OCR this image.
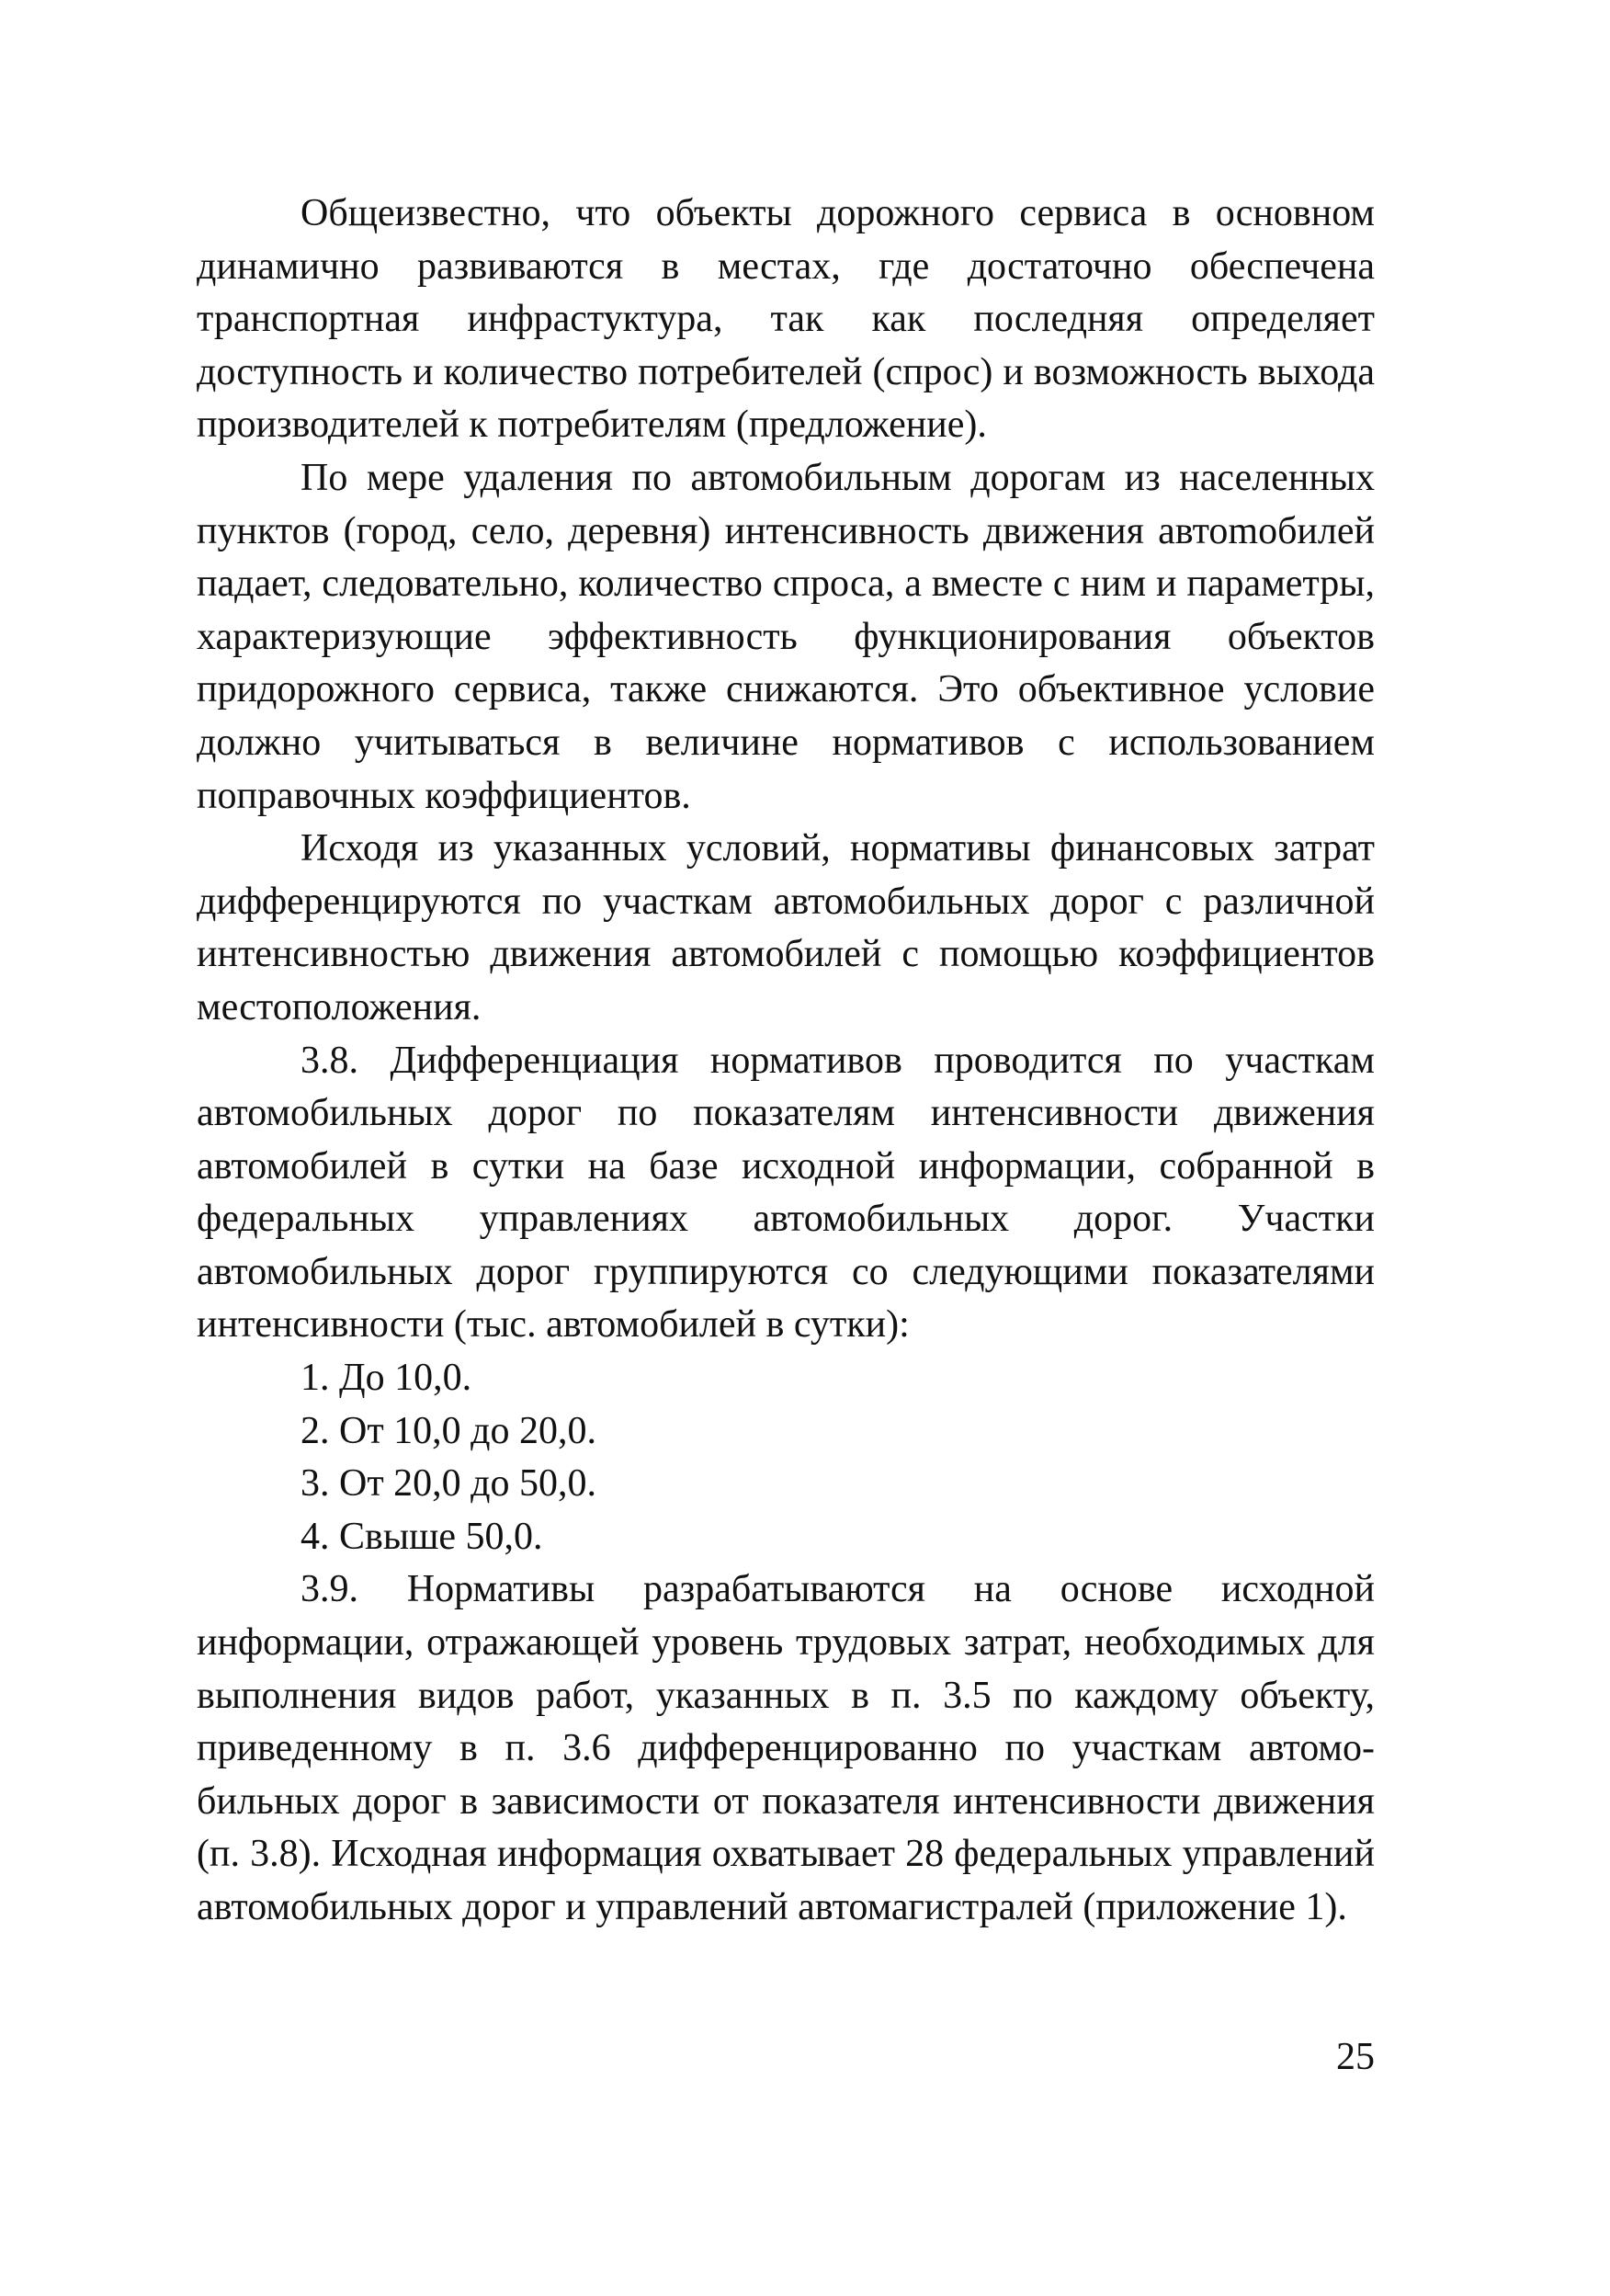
Общеизвестно, что объекты дорожного сервиса в основном динамично развиваются в местах, где достаточно обеспечена транспортная инфрастуктура, так как последняя определяет доступность и количество потребителей (спрос) и возможность выхода производителей к потребителям (предложение).

По мере удаления по автомобильным дорогам из населенных пунктов (город, село, деревня) интенсивность движения автоmобилей падает, следовательно, количество спроса, а вместе с ним и параметры, характеризующие эффективность функционирования объектов придорожного сервиса, также снижаются. Это объективное условие должно учитываться в величине нормативов с использованием поправочных коэффициентов.

Исходя из указанных условий, нормативы финансовых затрат дифференцируются по участкам автомобильных дорог с различной интенсивностью движения автомобилей с помощью коэффициентов местоположения.

3.8. Дифференциация нормативов проводится по участкам автомобильных дорог по показателям интенсивности движения автомобилей в сутки на базе исходной информации, собранной в федеральных управлениях автомобильных дорог. Участки автомобильных дорог группируются со следующими показателями интенсивности (тыс. автомобилей в сутки):

1. До 10,0.

2. От 10,0 до 20,0.

3. От 20,0 до 50,0.

4. Свыше 50,0.

3.9. Нормативы разрабатываются на основе исходной информации, отражающей уровень трудовых затрат, необходимых для выполнения видов работ, указанных в п. 3.5 по каждому объекту, приведенному в п. 3.6 дифференцированно по участкам автомобильных дорог в зависимости от показателя интенсивности движения (п. 3.8). Исходная информация охватывает 28 федеральных управлений автомобильных дорог и управлений автомагистралей (приложение 1).

25
